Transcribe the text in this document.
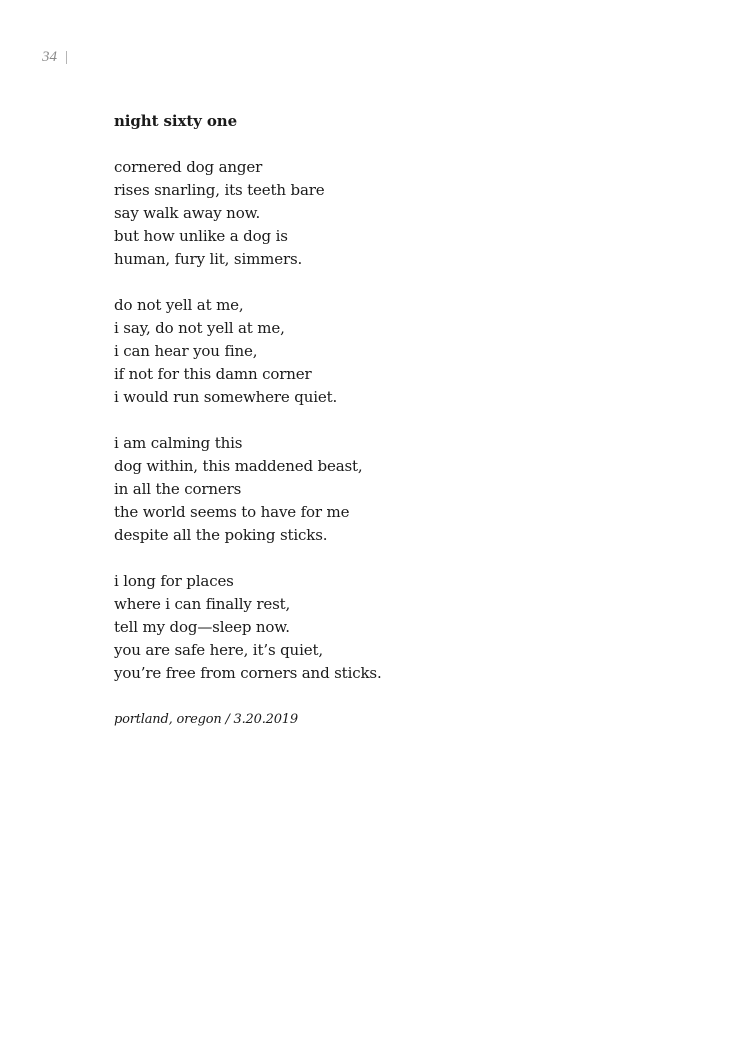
34
night sixty one
cornered dog anger
rises snarling, its teeth bare
say walk away now.
but how unlike a dog is
human, fury lit, simmers.
do not yell at me,
i say, do not yell at me,
i can hear you fine,
if not for this damn corner
i would run somewhere quiet.
i am calming this
dog within, this maddened beast,
in all the corners
the world seems to have for me
despite all the poking sticks.
i long for places
where i can finally rest,
tell my dog—sleep now.
you are safe here, it’s quiet,
you’re free from corners and sticks.
portland, oregon / 3.20.2019
